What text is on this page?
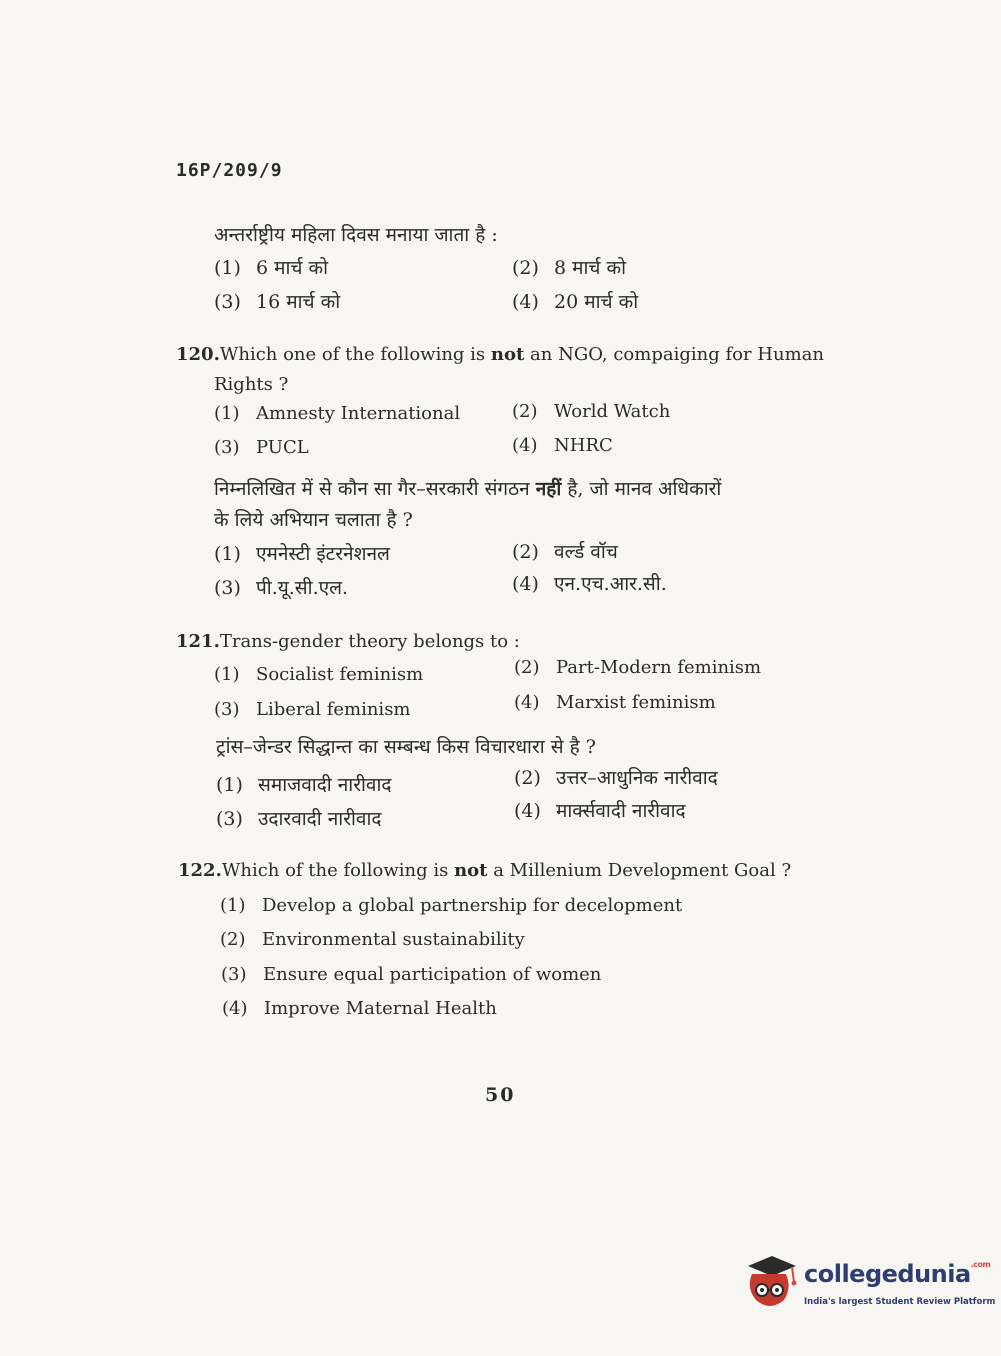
16P/209/9
अन्तर्राष्ट्रीय महिला दिवस मनाया जाता है :
(1) 6 मार्च को	(2) 8 मार्च को
(3) 16 मार्च को	(4) 20 मार्च को
120.Which one of the following is not an NGO, compaiging for Human
Rights ?
(1) Amnesty International	(2) World Watch
(3) PUCL	(4) NHRC
निम्नलिखित में से कौन सा गैर–सरकारी संगठन नहीं है, जो मानव अधिकारों
के लिये अभियान चलाता है ?
(1) एमनेस्टी इंटरनेशनल	(2) वर्ल्ड वॉच
(3) पी.यू.सी.एल.	(4) एन.एच.आर.सी.
121.Trans-gender theory belongs to :
(1) Socialist feminism	(2) Part-Modern feminism
(3) Liberal feminism	(4) Marxist feminism
ट्रांस–जेन्डर सिद्धान्त का सम्बन्ध किस विचारधारा से है ?
(1) समाजवादी नारीवाद	(2) उत्तर–आधुनिक नारीवाद
(3) उदारवादी नारीवाद	(4) मार्क्सवादी नारीवाद
122.Which of the following is not a Millenium Development Goal ?
(1) Develop a global partnership for decelopment
(2) Environmental sustainability
(3) Ensure equal participation of women
(4) Improve Maternal Health
50
collegedunia$^{.com}$
India's largest Student Review Platform
